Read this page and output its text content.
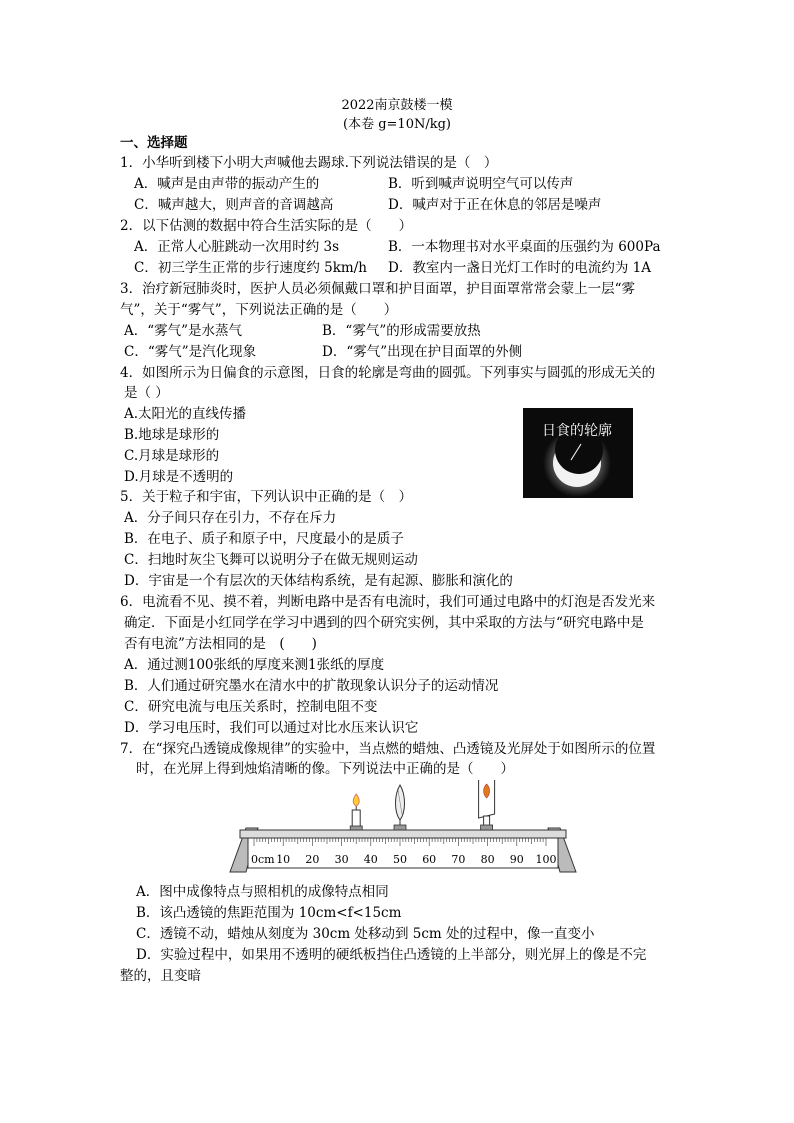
2022南京鼓楼一模
(本卷 g=10N/kg)
一、选择题
1．小华听到楼下小明大声喊他去踢球.下列说法错误的是（　）
A．喊声是由声带的振动产生的	B．听到喊声说明空气可以传声
C．喊声越大，则声音的音调越高	D．喊声对于正在休息的邻居是噪声
2．以下估测的数据中符合生活实际的是（　　）
A．正常人心脏跳动一次用时约 3s	B．一本物理书对水平桌面的压强约为 600Pa
C．初三学生正常的步行速度约 5km/h D．教室内一盏日光灯工作时的电流约为 1A
3．治疗新冠肺炎时，医护人员必须佩戴口罩和护目面罩，护目面罩常常会蒙上一层“雾
气”，关于“雾气”，下列说法正确的是（　　）
A．“雾气”是水蒸气	B．“雾气”的形成需要放热
C．“雾气”是汽化现象	D．“雾气”出现在护目面罩的外侧
4．如图所示为日偏食的示意图，日食的轮廓是弯曲的圆弧。下列事实与圆弧的形成无关的
是（ ）
A.太阳光的直线传播
B.地球是球形的
C.月球是球形的
D.月球是不透明的
日食的轮廓
5．关于粒子和宇宙，下列认识中正确的是（　）
A．分子间只存在引力，不存在斥力
B．在电子、质子和原子中，尺度最小的是质子
C．扫地时灰尘飞舞可以说明分子在做无规则运动
D．宇宙是一个有层次的天体结构系统，是有起源、膨胀和演化的
6．电流看不见、摸不着，判断电路中是否有电流时，我们可通过电路中的灯泡是否发光来
确定．下面是小红同学在学习中遇到的四个研究实例，其中采取的方法与“研究电路中是
否有电流”方法相同的是　(　　)
A．通过测100张纸的厚度来测1张纸的厚度
B．人们通过研究墨水在清水中的扩散现象认识分子的运动情况
C．研究电流与电压关系时，控制电阻不变
D．学习电压时，我们可以通过对比水压来认识它
7．在“探究凸透镜成像规律”的实验中，当点燃的蜡烛、凸透镜及光屏处于如图所示的位置
时，在光屏上得到烛焰清晰的像。下列说法中正确的是（　　）
0cm 10 20 30 40 50 60 70 80 90 100
A．图中成像特点与照相机的成像特点相同
B．该凸透镜的焦距范围为 10cm<f<15cm
C．透镜不动，蜡烛从刻度为 30cm 处移动到 5cm 处的过程中，像一直变小
D．实验过程中，如果用不透明的硬纸板挡住凸透镜的上半部分，则光屏上的像是不完
整的，且变暗
